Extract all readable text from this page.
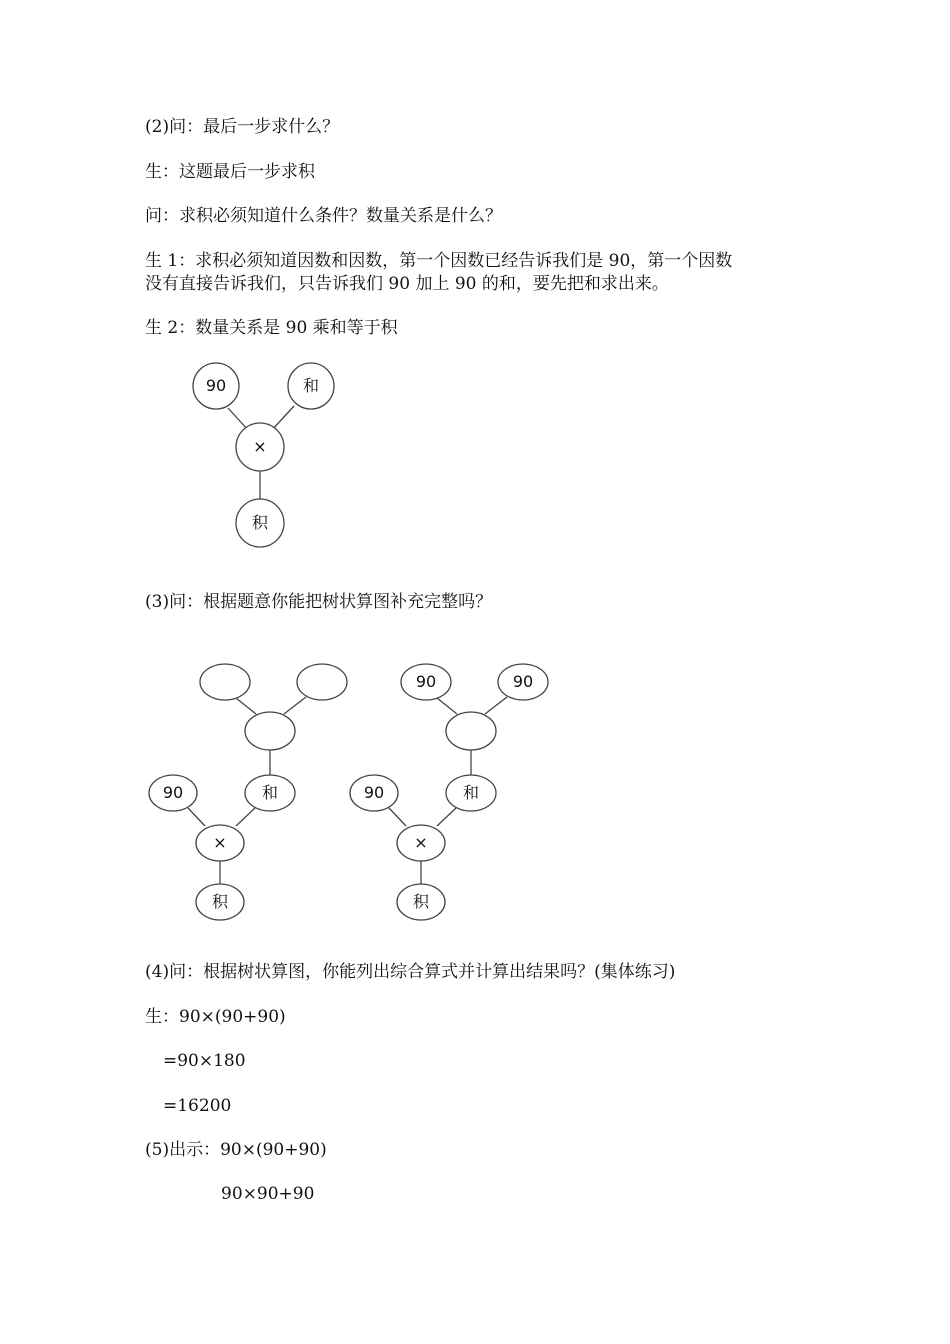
(2)问：最后一步求什么？

生：这题最后一步求积

问：求积必须知道什么条件？数量关系是什么？

生 1：求积必须知道因数和因数，第一个因数已经告诉我们是 90，第一个因数

没有直接告诉我们，只告诉我们 90 加上 90 的和，要先把和求出来。

生 2：数量关系是 90 乘和等于积

(3)问：根据题意你能把树状算图补充完整吗？

(4)问：根据树状算图，你能列出综合算式并计算出结果吗？(集体练习)

生：90×(90+90)

=90×180

=16200

(5)出示：90×(90+90)

90×90+90

90	和
×
积
90	和
×
积
90	90
90	和
×
积
